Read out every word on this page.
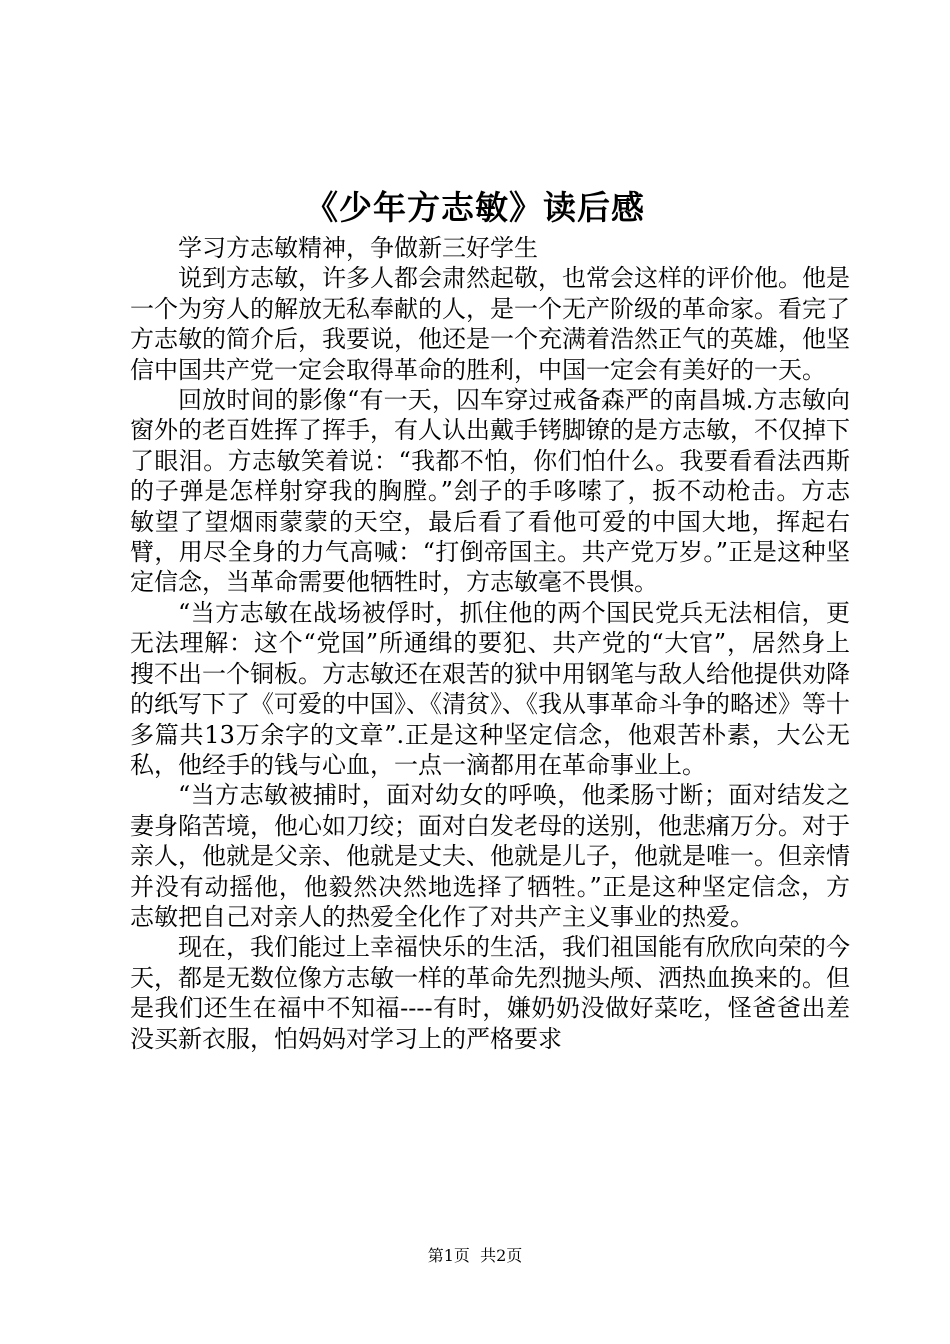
《少年方志敏》读后感

学习方志敏精神，争做新三好学生

说到方志敏，许多人都会肃然起敬，也常会这样的评价他。他是一个为穷人的解放无私奉献的人，是一个无产阶级的革命家。看完了方志敏的简介后，我要说，他还是一个充满着浩然正气的英雄，他坚信中国共产党一定会取得革命的胜利，中国一定会有美好的一天。

回放时间的影像“有一天，囚车穿过戒备森严的南昌城.方志敏向窗外的老百姓挥了挥手，有人认出戴手铐脚镣的是方志敏，不仅掉下了眼泪。方志敏笑着说：“我都不怕，你们怕什么。我要看看法西斯的子弹是怎样射穿我的胸膛。”刽子的手哆嗦了，扳不动枪击。方志敏望了望烟雨蒙蒙的天空，最后看了看他可爱的中国大地，挥起右臂，用尽全身的力气高喊：“打倒帝国主。共产党万岁。”正是这种坚定信念，当革命需要他牺牲时，方志敏毫不畏惧。

“当方志敏在战场被俘时，抓住他的两个国民党兵无法相信，更无法理解：这个“党国”所通缉的要犯、共产党的“大官”，居然身上搜不出一个铜板。方志敏还在艰苦的狱中用钢笔与敌人给他提供劝降的纸写下了《可爱的中国》、《清贫》、《我从事革命斗争的略述》等十多篇共13万余字的文章”.正是这种坚定信念，他艰苦朴素，大公无私，他经手的钱与心血，一点一滴都用在革命事业上。

“当方志敏被捕时，面对幼女的呼唤，他柔肠寸断；面对结发之妻身陷苦境，他心如刀绞；面对白发老母的送别，他悲痛万分。对于亲人，他就是父亲、他就是丈夫、他就是儿子，他就是唯一。但亲情并没有动摇他，他毅然决然地选择了牺牲。”正是这种坚定信念，方志敏把自己对亲人的热爱全化作了对共产主义事业的热爱。

现在，我们能过上幸福快乐的生活，我们祖国能有欣欣向荣的今天，都是无数位像方志敏一样的革命先烈抛头颅、洒热血换来的。但是我们还生在福中不知福----有时，嫌奶奶没做好菜吃，怪爸爸出差没买新衣服，怕妈妈对学习上的严格要求

第1页  共2页
